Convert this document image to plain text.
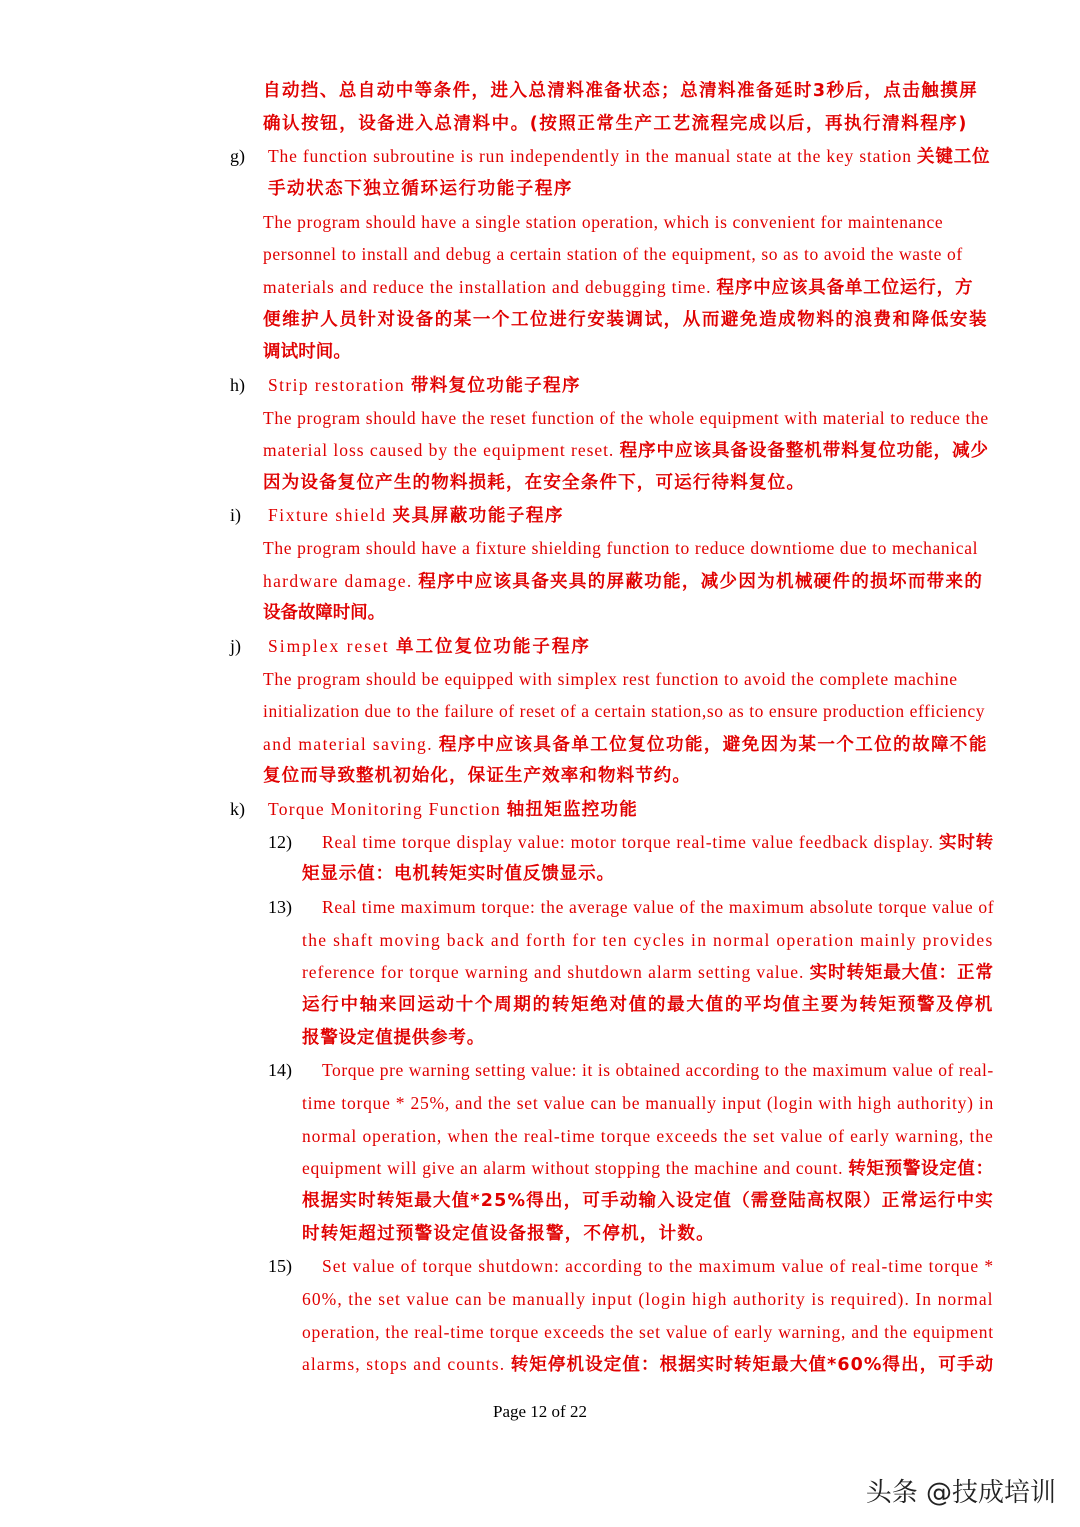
自动挡、总自动中等条件，进入总清料准备状态；总清料准备延时3秒后，点击触摸屏
确认按钮，设备进入总清料中。(按照正常生产工艺流程完成以后，再执行清料程序)
g) The function subroutine is run independently in the manual state at the key station 关键工位
手动状态下独立循环运行功能子程序
The program should have a single station operation, which is convenient for maintenance
personnel to install and debug a certain station of the equipment, so as to avoid the waste of
materials and reduce the installation and debugging time. 程序中应该具备单工位运行，方
便维护人员针对设备的某一个工位进行安装调试，从而避免造成物料的浪费和降低安装
调试时间。
h) Strip restoration 带料复位功能子程序
The program should have the reset function of the whole equipment with material to reduce the
material loss caused by the equipment reset. 程序中应该具备设备整机带料复位功能，减少
因为设备复位产生的物料损耗，在安全条件下，可运行待料复位。
i) Fixture shield 夹具屏蔽功能子程序
The program should have a fixture shielding function to reduce downtiome due to mechanical
hardware damage. 程序中应该具备夹具的屏蔽功能，减少因为机械硬件的损坏而带来的
设备故障时间。
j) Simplex reset 单工位复位功能子程序
The program should be equipped with simplex rest function to avoid the complete machine
initialization due to the failure of reset of a certain station,so as to ensure production efficiency
and material saving. 程序中应该具备单工位复位功能，避免因为某一个工位的故障不能
复位而导致整机初始化，保证生产效率和物料节约。
k) Torque Monitoring Function 轴扭矩监控功能
12) Real time torque display value: motor torque real-time value feedback display. 实时转
矩显示值：电机转矩实时值反馈显示。
13) Real time maximum torque: the average value of the maximum absolute torque value of
the shaft moving back and forth for ten cycles in normal operation mainly provides
reference for torque warning and shutdown alarm setting value. 实时转矩最大值：正常
运行中轴来回运动十个周期的转矩绝对值的最大值的平均值主要为转矩预警及停机
报警设定值提供参考。
14) Torque pre warning setting value: it is obtained according to the maximum value of real-
time torque * 25%, and the set value can be manually input (login with high authority) in
normal operation, when the real-time torque exceeds the set value of early warning, the
equipment will give an alarm without stopping the machine and count. 转矩预警设定值：
根据实时转矩最大值*25%得出，可手动输入设定值（需登陆高权限）正常运行中实
时转矩超过预警设定值设备报警，不停机，计数。
15) Set value of torque shutdown: according to the maximum value of real-time torque *
60%, the set value can be manually input (login high authority is required). In normal
operation, the real-time torque exceeds the set value of early warning, and the equipment
alarms, stops and counts. 转矩停机设定值：根据实时转矩最大值*60%得出，可手动
Page 12 of 22
头条 @技成培训
